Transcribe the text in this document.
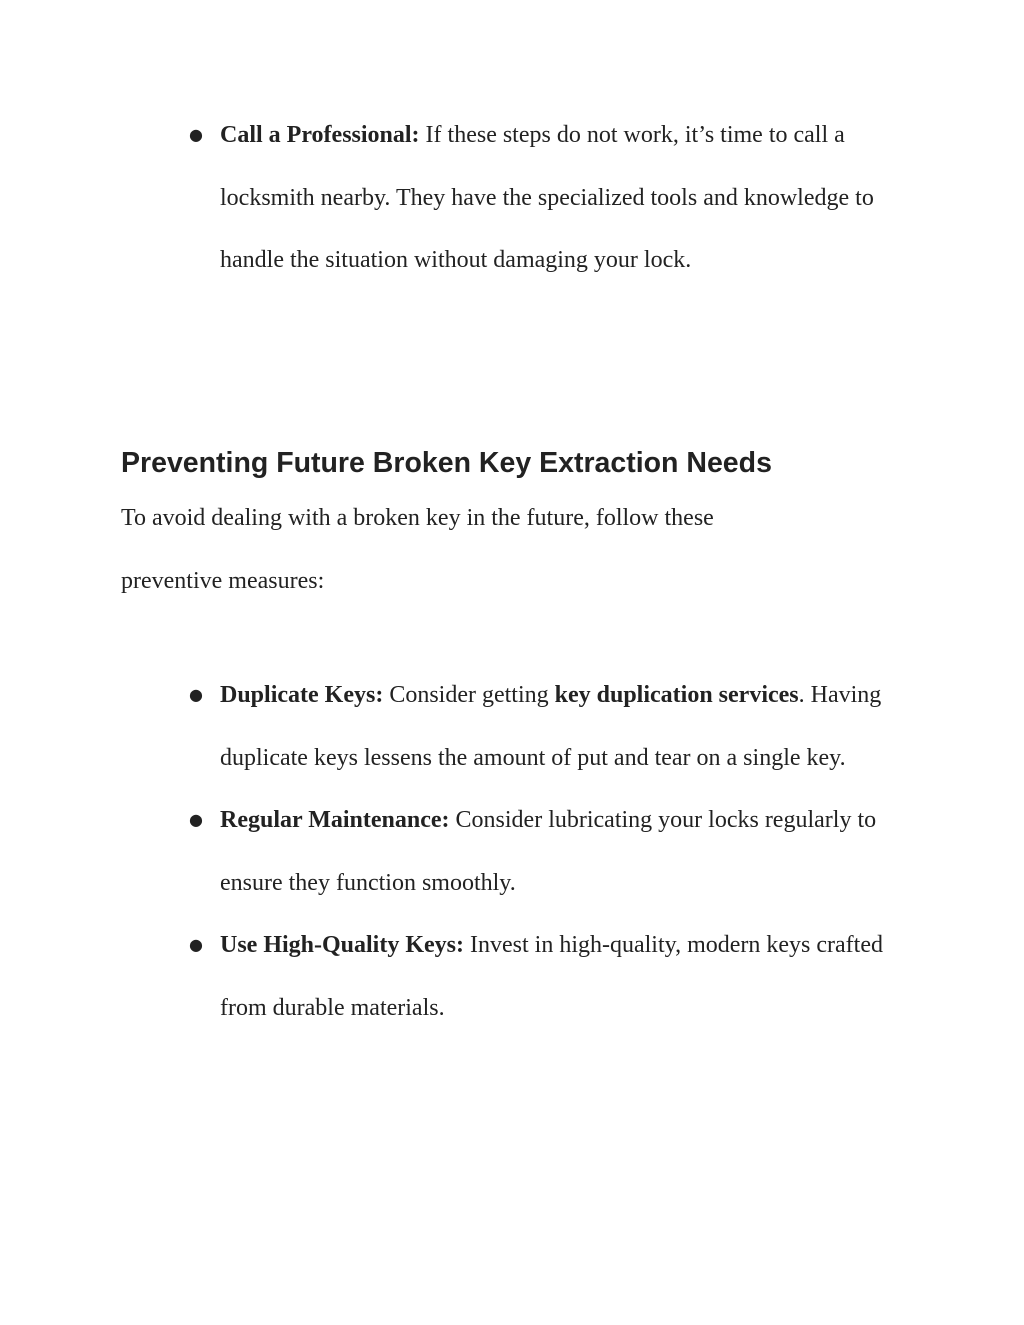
● Call a Professional: If these steps do not work, it’s time to call a locksmith nearby. They have the specialized tools and knowledge to handle the situation without damaging your lock.
Preventing Future Broken Key Extraction Needs

To avoid dealing with a broken key in the future, follow these preventive measures:

● Duplicate Keys: Consider getting key duplication services. Having duplicate keys lessens the amount of put and tear on a single key.
● Regular Maintenance: Consider lubricating your locks regularly to ensure they function smoothly.
● Use High-Quality Keys: Invest in high-quality, modern keys crafted from durable materials.
